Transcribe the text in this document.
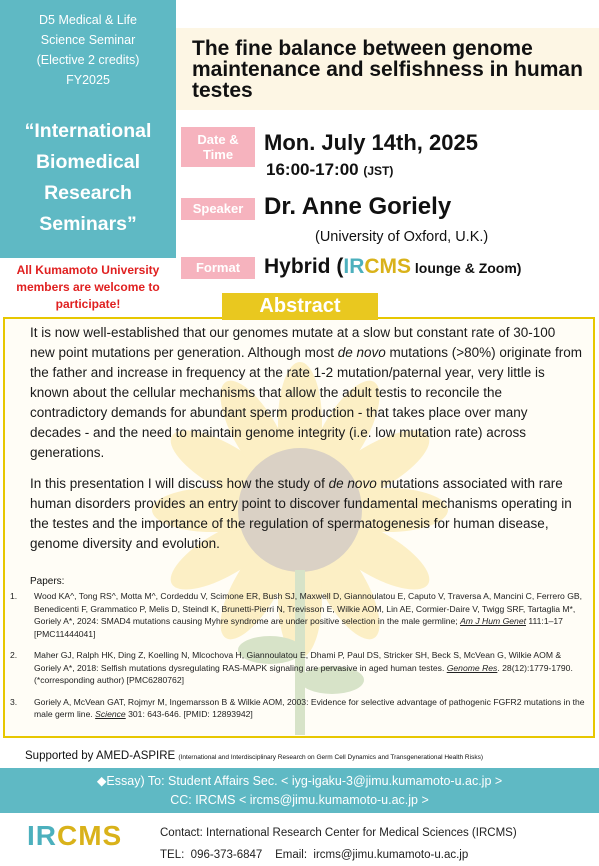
D5 Medical & Life
Science Seminar
(Elective 2 credits)
FY2025
“International
Biomedical
Research
Seminars”
All Kumamoto University
members are welcome to
participate!
The fine balance between genome maintenance and selfishness in human testes
Date & Time	Mon. July 14th, 2025
16:00-17:00 (JST)
Speaker Dr. Anne Goriely
(University of Oxford, U.K.)
Format	Hybrid (IRCMS lounge & Zoom)
Abstract

It is now well-established that our genomes mutate at a slow but constant rate of 30-100 new point mutations per generation. Although most de novo mutations (>80%) originate from the father and increase in frequency at the rate 1-2 mutation/paternal year, very little is known about the cellular mechanisms that allow the adult testis to reconcile the contradictory demands for abundant sperm production - that takes place over many decades - and the need to maintain genome integrity (i.e. low mutation rate) across generations.

In this presentation I will discuss how the study of de novo mutations associated with rare human disorders provides an entry point to discover fundamental mechanisms operating in the testes and the importance of the regulation of spermatogenesis for human disease, genome diversity and evolution.

Papers:
1. Wood KA^, Tong RS^, Motta M^, Cordeddu V, Scimone ER, Bush SJ, Maxwell D, Giannoulatou E, Caputo V, Traversa A, Mancini C, Ferrero GB, Benedicenti F, Grammatico P, Melis D, Steindl K, Brunetti-Pierri N, Trevisson E, Wilkie AOM, Lin AE, Cormier-Daire V, Twigg SRF, Tartaglia M*, Goriely A*, 2024: SMAD4 mutations causing Myhre syndrome are under positive selection in the male germline; Am J Hum Genet 111:1–17 [PMC11444041]
2. Maher GJ, Ralph HK, Ding Z, Koelling N, Mlcochova H, Giannoulatou E, Dhami P, Paul DS, Stricker SH, Beck S, McVean G, Wilkie AOM & Goriely A*, 2018: Selfish mutations dysregulating RAS-MAPK signaling are pervasive in aged human testes. Genome Res. 28(12):1779-1790. (*corresponding author) [PMC6280762]
3. Goriely A, McVean GAT, Rojmyr M, Ingemarsson B & Wilkie AOM, 2003: Evidence for selective advantage of pathogenic FGFR2 mutations in the male germ line. Science 301: 643-646. [PMID: 12893942]
Supported by AMED-ASPIRE (International and Interdisciplinary Research on Germ Cell Dynamics and Transgenerational Health Risks)
◆Essay) To: Student Affairs Sec. < iyg-igaku-3@jimu.kumamoto-u.ac.jp >
CC: IRCMS < ircms@jimu.kumamoto-u.ac.jp >
IRCMS	Contact: International Research Center for Medical Sciences (IRCMS)
TEL:  096-373-6847    Email:  ircms@jimu.kumamoto-u.ac.jp
